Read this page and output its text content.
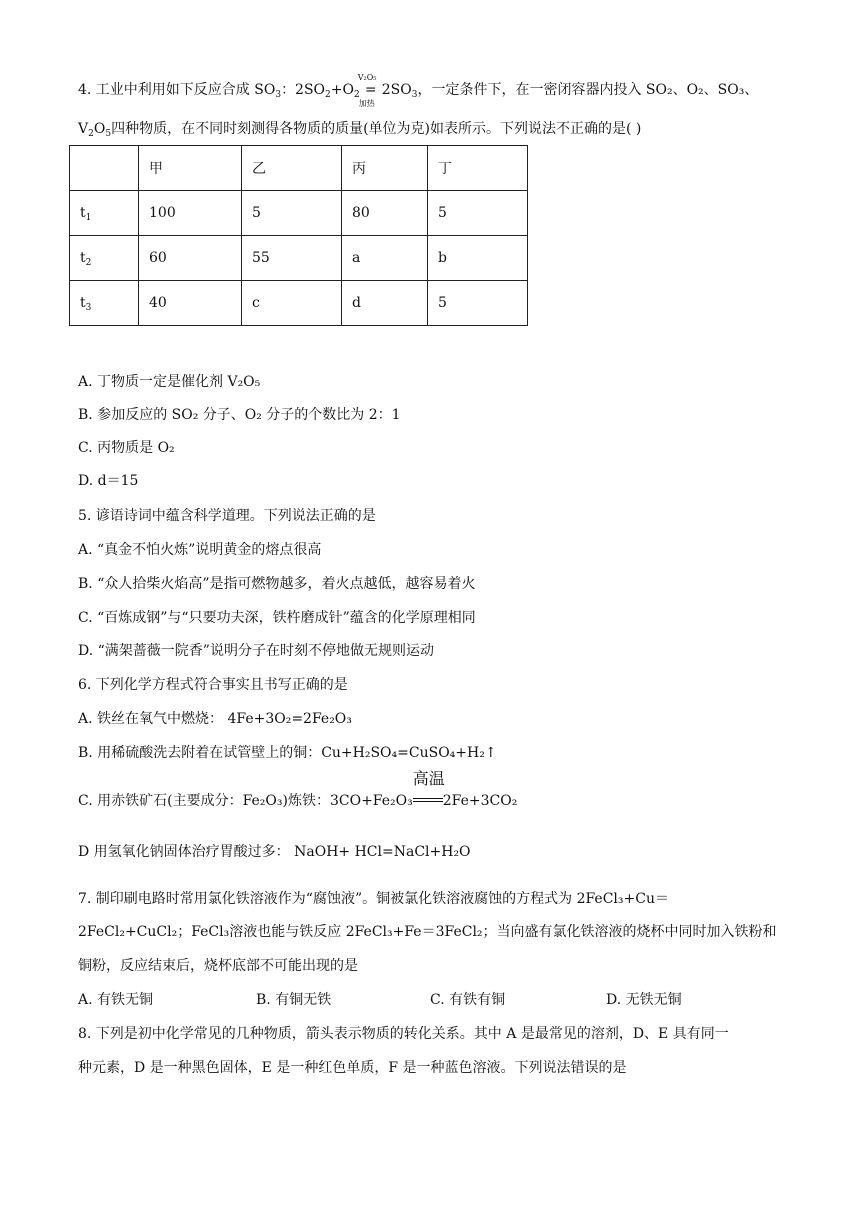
4. 工业中利用如下反应合成 $SO_3$：$2SO_2+O_2$
V₂O₅
=
加热
$2SO_3$，一定条件下，在一密闭容器内投入 SO₂、O₂、SO₃、
$V_2O_5$四种物质，在不同时刻测得各物质的质量(单位为克)如表所示。下列说法不正确的是( )
	甲	乙	丙	丁
$t_1$	100	5	80	5
$t_2$	60	55	a	b
$t_3$	40	c	d	5
A. 丁物质一定是催化剂 V₂O₅
B. 参加反应的 SO₂ 分子、O₂ 分子的个数比为 2：1
C. 丙物质是 O₂
D. d＝15
5. 谚语诗词中蕴含科学道理。下列说法正确的是
A. “真金不怕火炼”说明黄金的熔点很高
B. “众人拾柴火焰高”是指可燃物越多，着火点越低，越容易着火
C. “百炼成钢”与“只要功夫深，铁杵磨成针”蕴含的化学原理相同
D. “满架蔷薇一院香”说明分子在时刻不停地做无规则运动
6. 下列化学方程式符合事实且书写正确的是
A. 铁丝在氧气中燃烧： 4Fe+3O₂=2Fe₂O₃
B. 用稀硫酸洗去附着在试管壁上的铜：Cu+H₂SO₄=CuSO₄+H₂↑
C. 用赤铁矿石(主要成分：Fe₂O₃)炼铁：3CO+Fe₂O₃
高温
2Fe+3CO₂
D 用氢氧化钠固体治疗胃酸过多： NaOH+ HCl=NaCl+H₂O
7. 制印刷电路时常用氯化铁溶液作为“腐蚀液”。铜被氯化铁溶液腐蚀的方程式为 2FeCl₃+Cu＝
2FeCl₂+CuCl₂；FeCl₃溶液也能与铁反应 2FeCl₃+Fe＝3FeCl₂；当向盛有氯化铁溶液的烧杯中同时加入铁粉和
铜粉，反应结束后，烧杯底部不可能出现的是
A. 有铁无铜	B. 有铜无铁	C. 有铁有铜	D. 无铁无铜
8. 下列是初中化学常见的几种物质，箭头表示物质的转化关系。其中 A 是最常见的溶剂，D、E 具有同一
种元素，D 是一种黑色固体，E 是一种红色单质，F 是一种蓝色溶液。下列说法错误的是
